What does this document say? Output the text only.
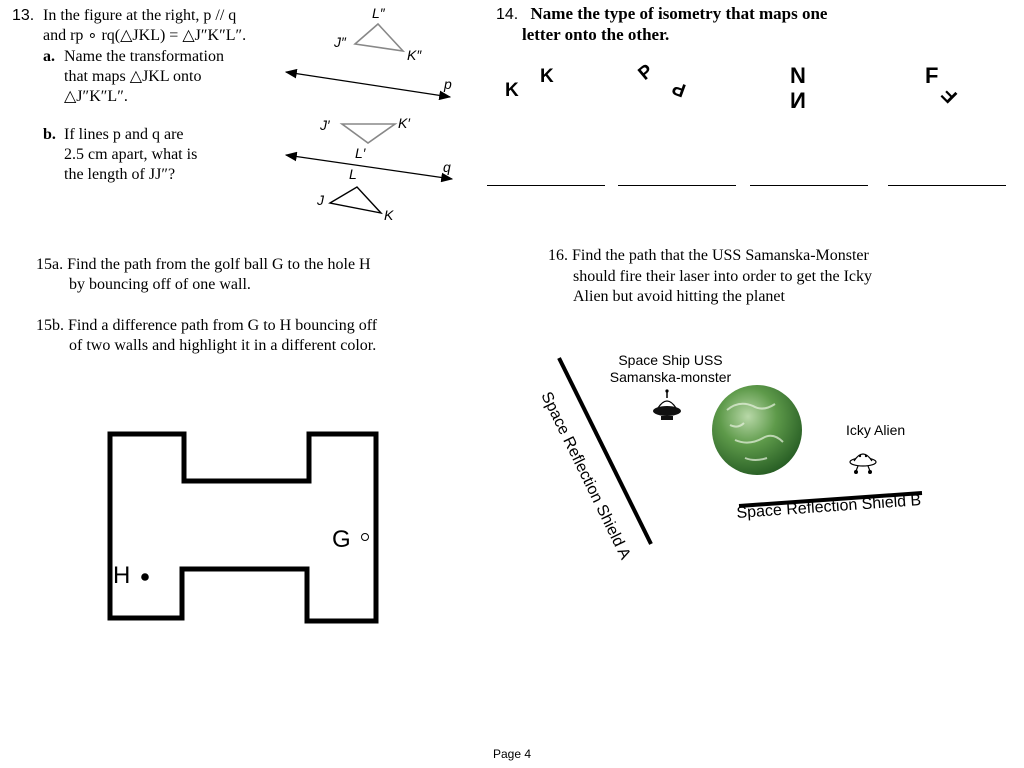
13. In the figure at the right, p // q
and rp ∘ rq(△JKL) = △J″K″L″.
a. Name the transformation
that maps △JKL onto
△J″K″L″.
b. If lines p and q are
2.5 cm apart, what is
the length of JJ″?
L″
J″
K″
p
J′	K′
L′
q
L
J
K
14. Name the type of isometry that maps one
letter onto the other.
K
K	P
P
N
N
F
F
15a. Find the path from the golf ball G to the hole H
by bouncing off of one wall.
15b. Find a difference path from G to H bouncing off
of two walls and highlight it in a different color.
G
H
16. Find the path that the USS Samanska-Monster
should fire their laser into order to get the Icky
Alien but avoid hitting the planet
Space Ship USS
Samanska-monster
Icky Alien
Space Reflection Shield A	Space Reflection Shield B
Page 4
